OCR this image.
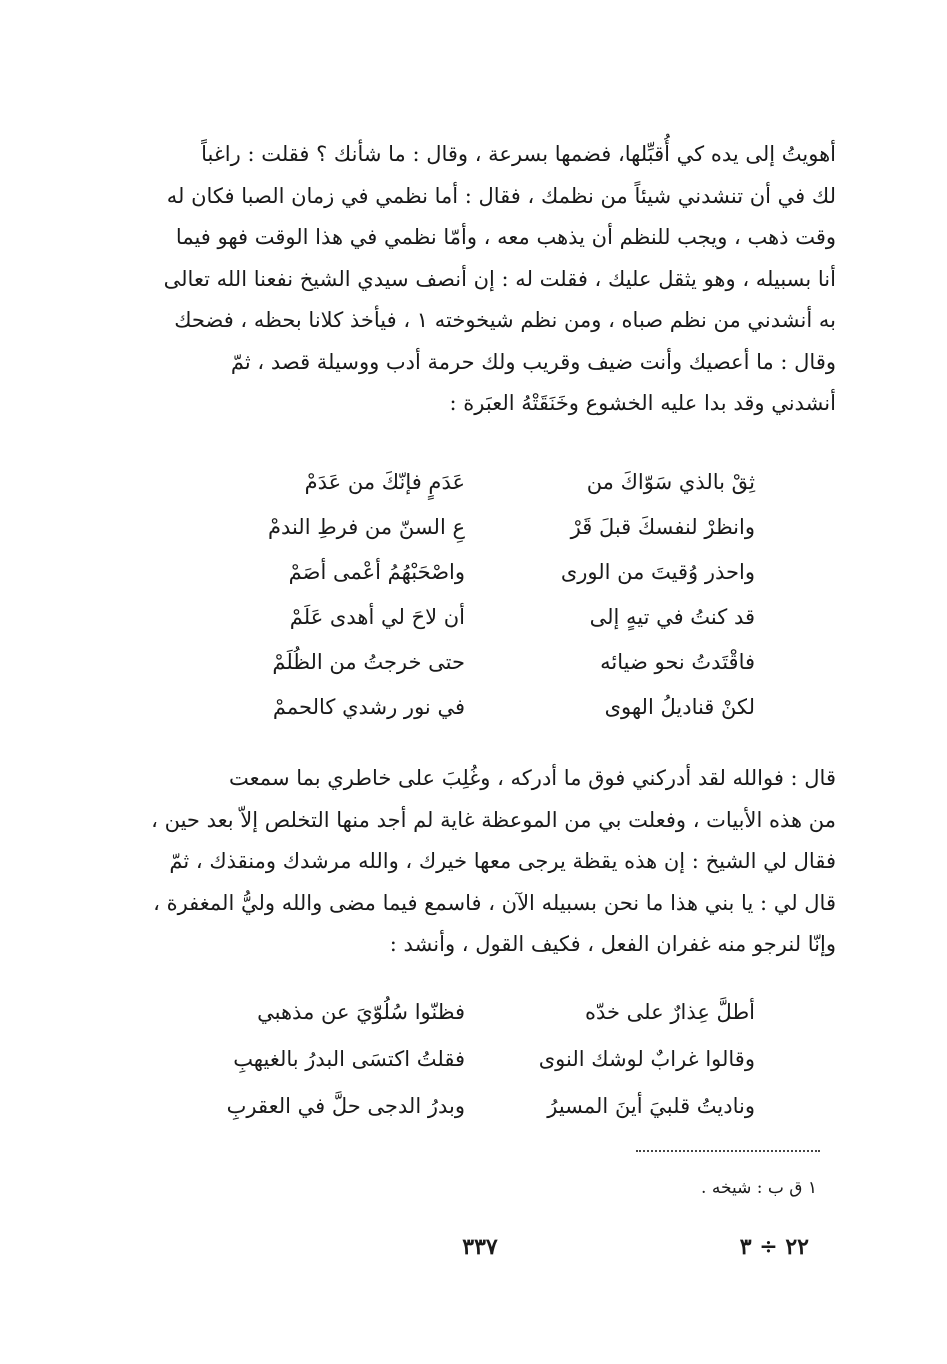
أهويتُ إلى يده كي أُقبِّلها، فضمها بسرعة ، وقال : ما شأنك ؟ فقلت : راغباً

لك في أن تنشدني شيئاً من نظمك ، فقال : أما نظمي في زمان الصبا فكان له

وقت ذهب ، ويجب للنظم أن يذهب معه ، وأمّا نظمي في هذا الوقت فهو فيما

أنا بسبيله ، وهو يثقل عليك ، فقلت له : إن أنصف سيدي الشيخ نفعنا الله تعالى

به أنشدني من نظم صباه ، ومن نظم شيخوخته ١ ، فيأخذ كلانا بحظه ، فضحك

وقال : ما أعصيك وأنت ضيف وقريب ولك حرمة أدب ووسيلة قصد ، ثمّ

أنشدني وقد بدا عليه الخشوع وخَنَقَتْهُ العبَرة :

ثِقْ بالذي سَوّاكَ من
عَدَمٍ فإنّكَ من عَدَمْ
وانظرْ لنفسكَ قبلَ قَرْ
عِ السنّ من فرطِ الندمْ
واحذر وُقيتَ من الورى
واصْحَبْهُمُ أعْمى أصَمْ
قد كنتُ في تيهٍ إلى
أن لاحَ لي أهدى عَلَمْ
فاقْتَدتُ نحو ضيائه
حتى خرجتُ من الظُلَمْ
لكنْ قناديلُ الهوى
في نور رشدي كالحممْ

قال : فوالله لقد أدركني فوق ما أدركه ، وغُلِبَ على خاطري بما سمعت

من هذه الأبيات ، وفعلت بي من الموعظة غاية لم أجد منها التخلص إلاّ بعد حين ،

فقال لي الشيخ : إن هذه يقظة يرجى معها خيرك ، والله مرشدك ومنقذك ، ثمّ

قال لي : يا بني هذا ما نحن بسبيله الآن ، فاسمع فيما مضى والله وليُّ المغفرة ،

وإنّا لنرجو منه غفران الفعل ، فكيف القول ، وأنشد :

أطلَّ عِذارٌ على خدّه
فظنّوا سُلُوّيَ عن مذهبي
وقالوا غرابٌ لوشك النوى
فقلتُ اكتسَى البدرُ بالغيهبِ
وناديتُ قلبيَ أينَ المسيرُ
وبدرُ الدجى حلَّ في العقربِ
١ ق ب : شيخه .
٣٣٧	٢٢ ÷ ٣
